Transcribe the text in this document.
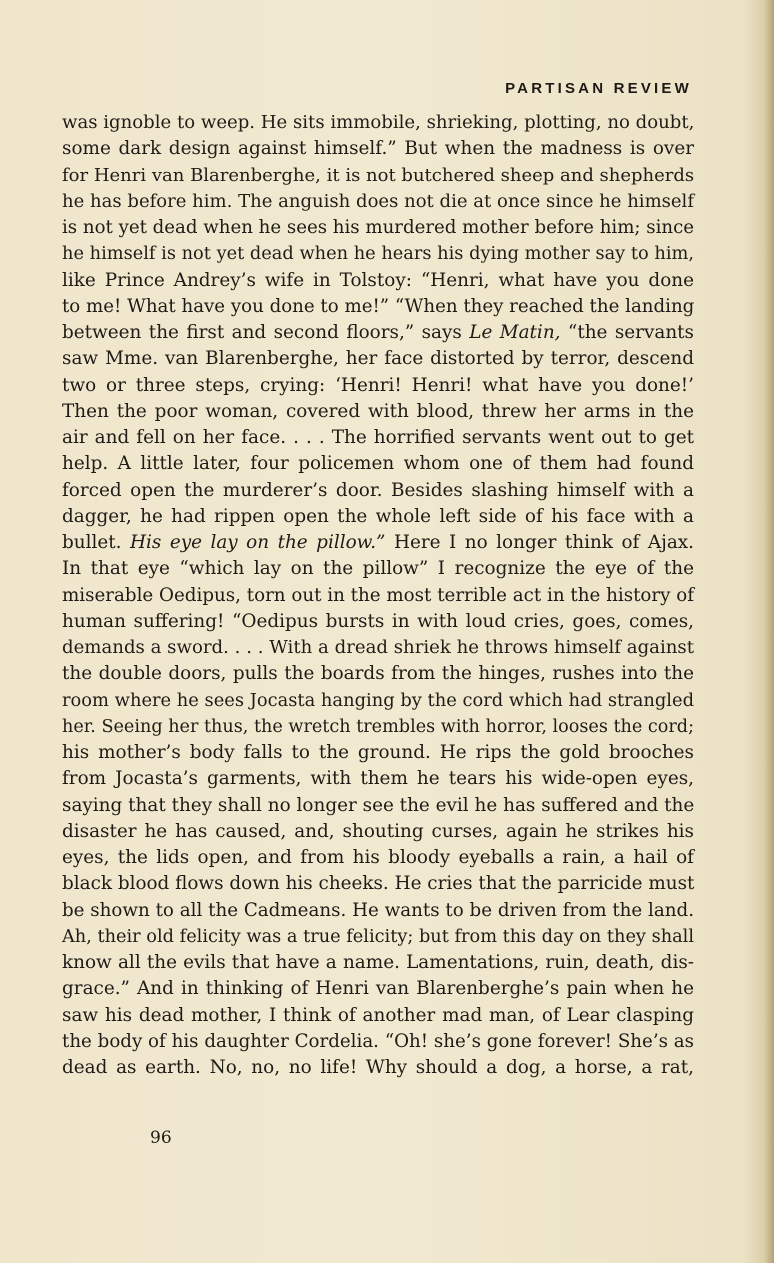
PARTISAN REVIEW
was ignoble to weep. He sits immobile, shrieking, plotting, no doubt,
some dark design against himself.” But when the madness is over
for Henri van Blarenberghe, it is not butchered sheep and shepherds
he has before him. The anguish does not die at once since he himself
is not yet dead when he sees his murdered mother before him; since
he himself is not yet dead when he hears his dying mother say to him,
like Prince Andrey’s wife in Tolstoy: “Henri, what have you done
to me! What have you done to me!” “When they reached the landing
between the first and second floors,” says Le Matin, “the servants
saw Mme. van Blarenberghe, her face distorted by terror, descend
two or three steps, crying: ‘Henri! Henri! what have you done!’
Then the poor woman, covered with blood, threw her arms in the
air and fell on her face. . . . The horrified servants went out to get
help. A little later, four policemen whom one of them had found
forced open the murderer’s door. Besides slashing himself with a
dagger, he had rippen open the whole left side of his face with a
bullet. His eye lay on the pillow.” Here I no longer think of Ajax.
In that eye “which lay on the pillow” I recognize the eye of the
miserable Oedipus, torn out in the most terrible act in the history of
human suffering! “Oedipus bursts in with loud cries, goes, comes,
demands a sword. . . . With a dread shriek he throws himself against
the double doors, pulls the boards from the hinges, rushes into the
room where he sees Jocasta hanging by the cord which had strangled
her. Seeing her thus, the wretch trembles with horror, looses the cord;
his mother’s body falls to the ground. He rips the gold brooches
from Jocasta’s garments, with them he tears his wide-open eyes,
saying that they shall no longer see the evil he has suffered and the
disaster he has caused, and, shouting curses, again he strikes his
eyes, the lids open, and from his bloody eyeballs a rain, a hail of
black blood flows down his cheeks. He cries that the parricide must
be shown to all the Cadmeans. He wants to be driven from the land.
Ah, their old felicity was a true felicity; but from this day on they shall
know all the evils that have a name. Lamentations, ruin, death, dis-
grace.” And in thinking of Henri van Blarenberghe’s pain when he
saw his dead mother, I think of another mad man, of Lear clasping
the body of his daughter Cordelia. “Oh! she’s gone forever! She’s as
dead as earth. No, no, no life! Why should a dog, a horse, a rat,
96
